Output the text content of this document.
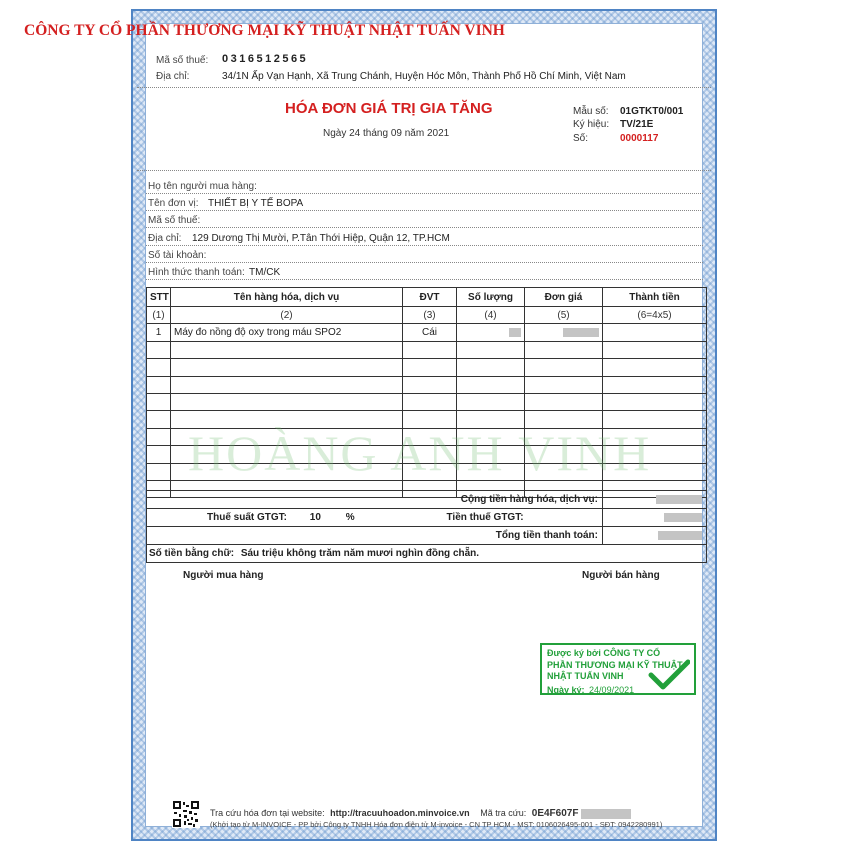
CÔNG TY CỔ PHẦN THƯƠNG MẠI KỸ THUẬT NHẬT TUẤN VINH
Mã số thuế: 0316512565
Địa chỉ:	34/1N Ấp Vạn Hạnh, Xã Trung Chánh, Huyện Hóc Môn, Thành Phố Hồ Chí Minh, Việt Nam
HÓA ĐƠN GIÁ TRỊ GIA TĂNG
Ngày 24 tháng 09 năm 2021
Mẫu số: 01GTKT0/001
Ký hiệu: TV/21E
Số:	0000117
Họ tên người mua hàng:
Tên đơn vị: THIẾT BỊ Y TẾ BOPA
Mã số thuế:
Địa chỉ: 129 Dương Thị Mười, P.Tân Thới Hiệp, Quận 12, TP.HCM
Số tài khoản:
Hình thức thanh toán: TM/CK
STT	Tên hàng hóa, dịch vụ	ĐVT	Số lượng	Đơn giá	Thành tiền
(1)	(2)	(3)	(4)	(5)	(6=4x5)
1	Máy đo nồng độ oxy trong máu SPO2	Cái			

	Cộng tiền hàng hóa, dịch vụ:	
Thuế suất GTGT: 10 %	Tiền thuế GTGT:	
	Tổng tiền thanh toán:	
Số tiền bằng chữ: Sáu triệu không trăm năm mươi nghìn đồng chẵn.		
HOÀNG ANH VINH
Người mua hàng	Người bán hàng
Được ký bởi CÔNG TY CỔ PHẦN THƯƠNG MẠI KỸ THUẬT NHẬT TUẤN VINH
Ngày ký: 24/09/2021
Tra cứu hóa đơn tại website: http://tracuuhoadon.minvoice.vn Mã tra cứu: 0E4F607F
(Khởi tạo từ M-INVOICE - PP bởi Công ty TNHH Hóa đơn điện tử M-invoice - CN TP HCM - MST: 0106026495-001 - SĐT: 0942280991)
